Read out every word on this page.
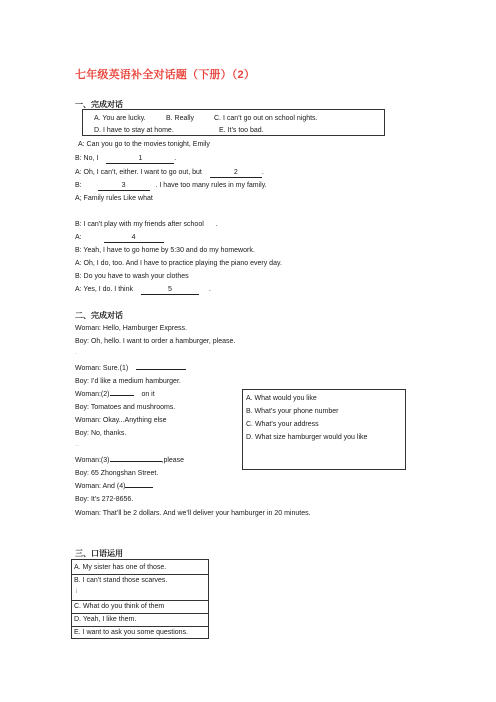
七年级英语补全对话题（下册）（2）
一、完成对话
A. You are lucky.	B. Really	C. I can’t go out on school nights.
D. I have to stay at home.	E. It’s too bad.
A: Can you go to the movies tonight, Emily
B: No, I	1	.
A: Oh, I can’t, either. I want to go out, but	2	.
B:	3	. I have too many rules in my family.
A; Family rules Like what
B: I can’t play with my friends after school .
A:	4
B: Yeah, I have to go home by 5:30 and do my homework.
A: Oh, I do, too. And I have to practice playing the piano every day.
B: Do you have to wash your clothes
A: Yes, I do. I think	5	.
二、完成对话
Woman: Hello, Hamburger Express.
Boy: Oh, hello. I want to order a hamburger, please.
·
Woman: Sure.(1)
Boy: I’d like a medium hamburger.
Woman:(2)	on it
Boy: Tomatoes and mushrooms.
Woman: Okay...Anything else
Boy: No, thanks.
··
Woman:(3)	,please
Boy: 65 Zhongshan Street.
Woman: And (4)
Boy: It’s 272-8656.
Woman: That’ll be 2 dollars. And we’ll deliver your hamburger in 20 minutes.
A. What would you like
B. What’s your phone number
C. What’s your address
D. What size hamburger would you like
三、口语运用
A. My sister has one of those.
B. I can’t stand those scarves.
i
C. What do you think of them
D. Yeah, I like them.
E. I want to ask you some questions.
